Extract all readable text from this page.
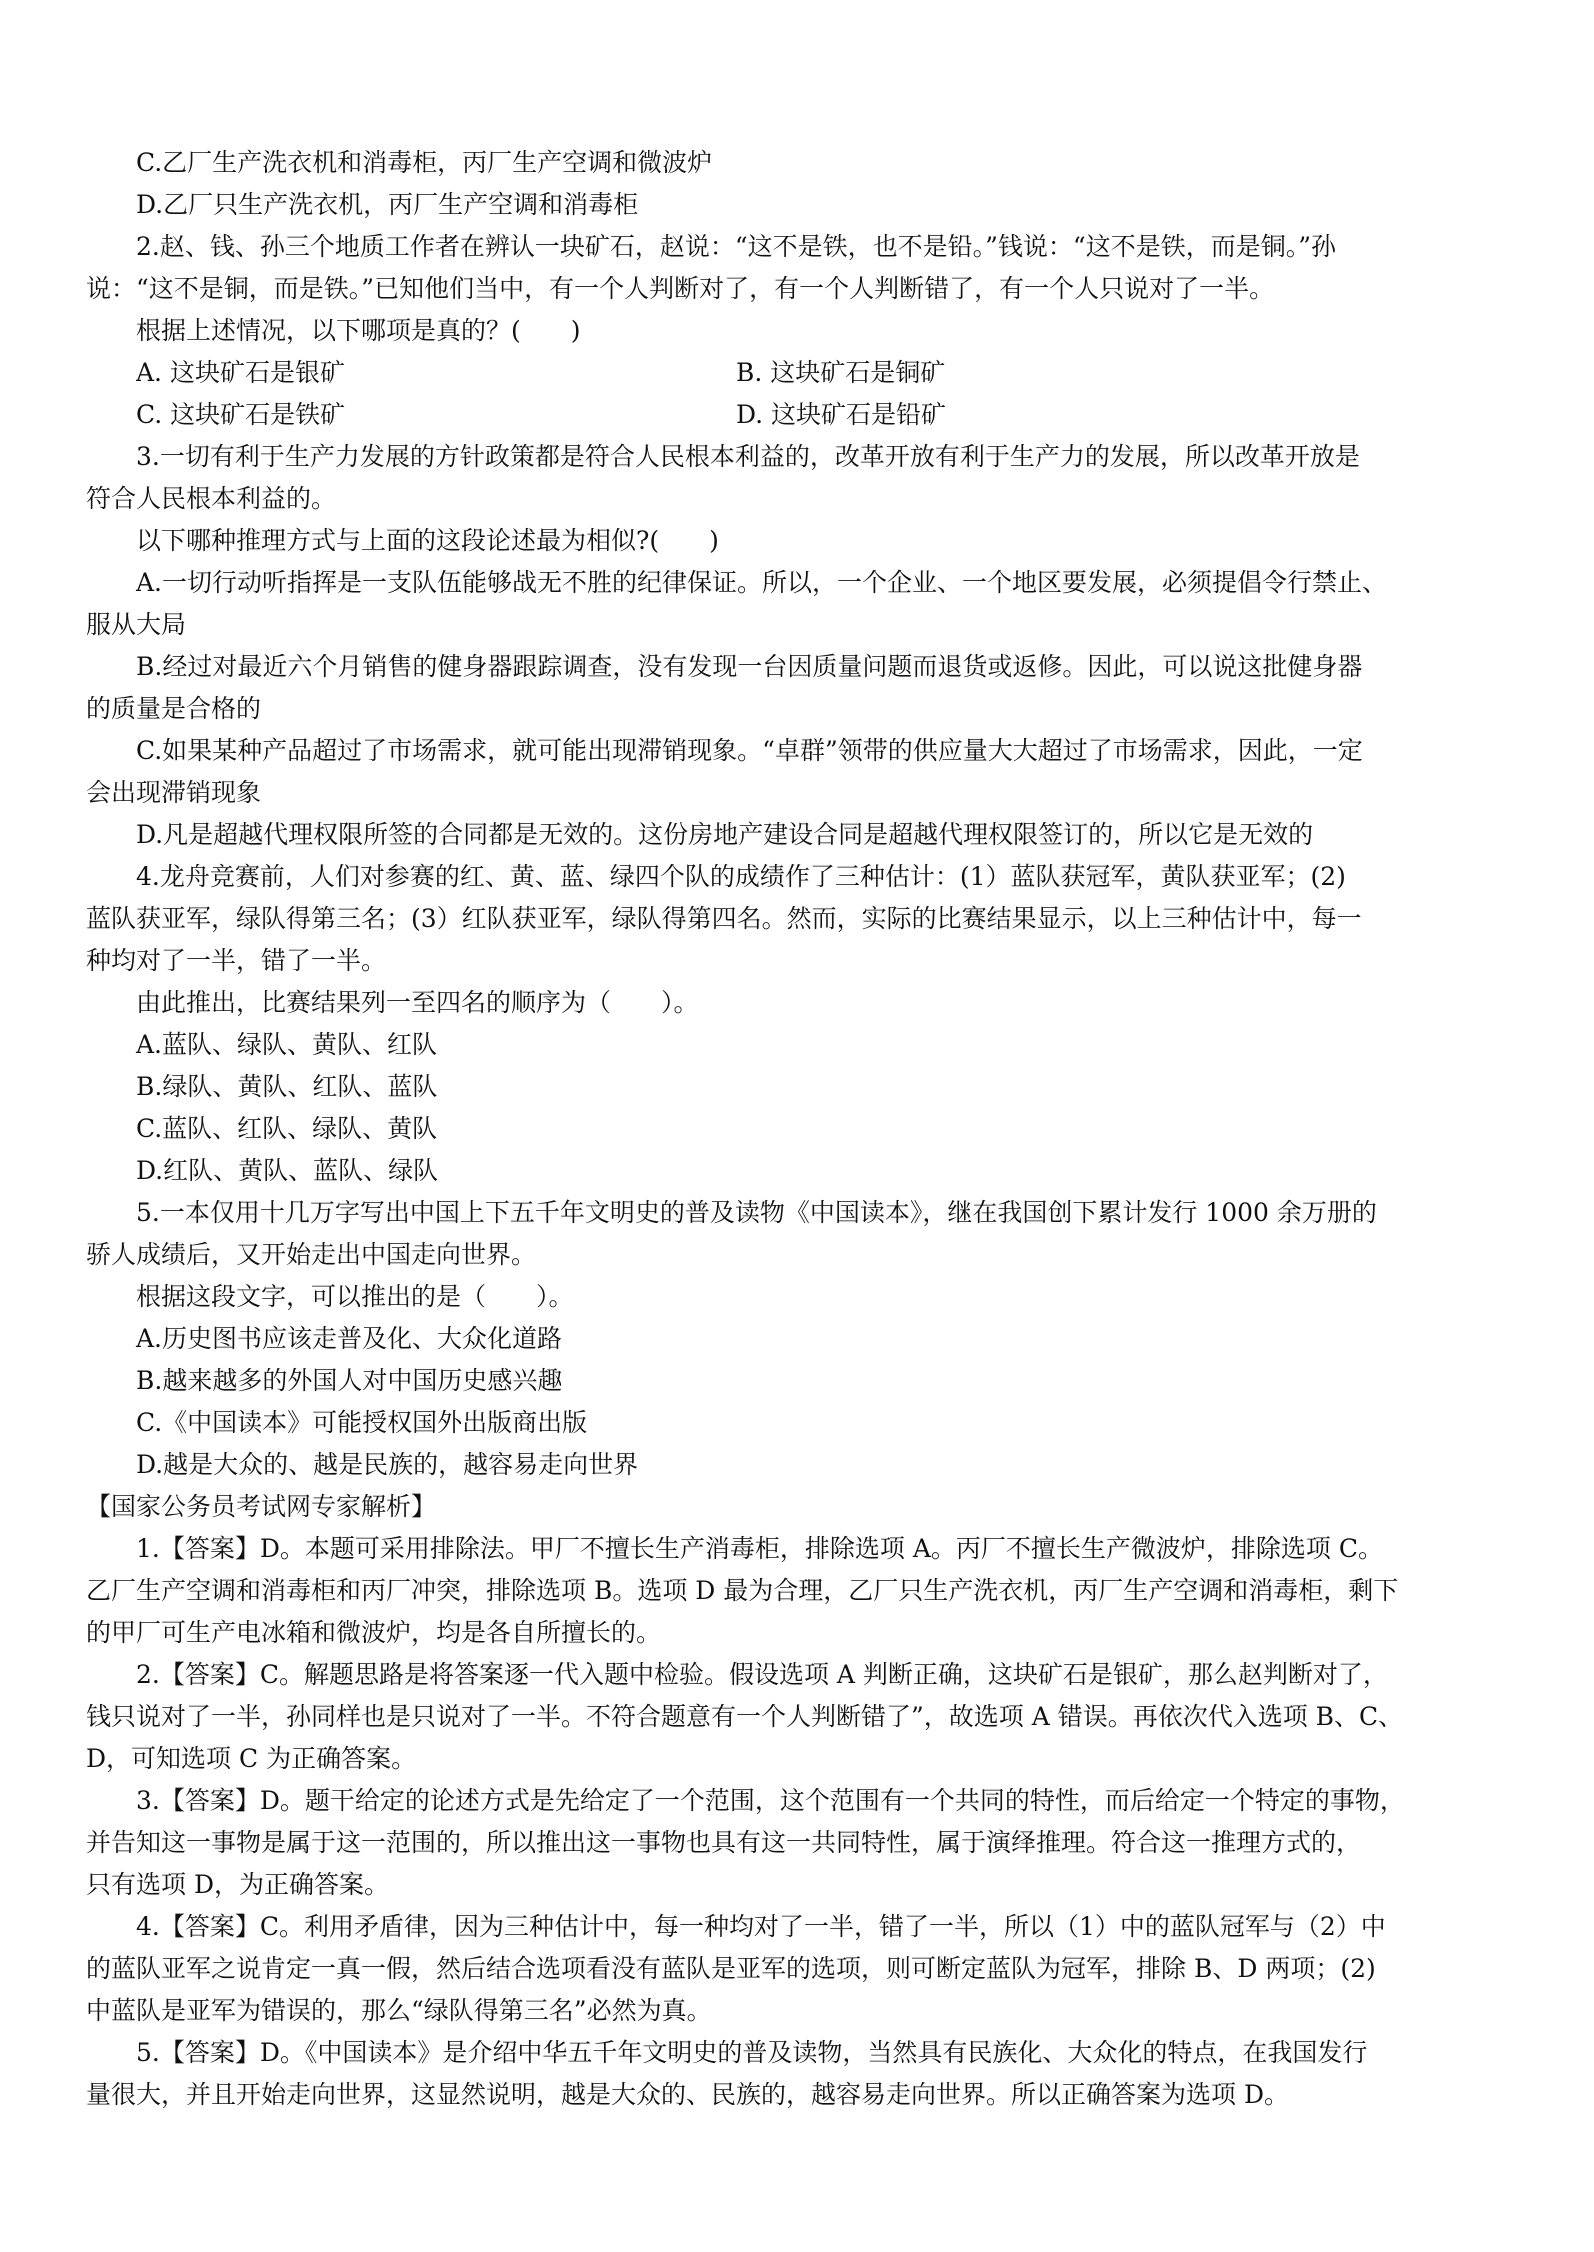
C.乙厂生产洗衣机和消毒柜，丙厂生产空调和微波炉
D.乙厂只生产洗衣机，丙厂生产空调和消毒柜
2.赵、钱、孙三个地质工作者在辨认一块矿石，赵说：“这不是铁，也不是铅。”钱说：“这不是铁，而是铜。”孙
说：“这不是铜，而是铁。”已知他们当中，有一个人判断对了，有一个人判断错了，有一个人只说对了一半。
根据上述情况，以下哪项是真的？(　　)
A. 这块矿石是银矿	B. 这块矿石是铜矿
C. 这块矿石是铁矿	D. 这块矿石是铅矿
3.一切有利于生产力发展的方针政策都是符合人民根本利益的，改革开放有利于生产力的发展，所以改革开放是
符合人民根本利益的。
以下哪种推理方式与上面的这段论述最为相似?(　　)
A.一切行动听指挥是一支队伍能够战无不胜的纪律保证。所以，一个企业、一个地区要发展，必须提倡令行禁止、
服从大局
B.经过对最近六个月销售的健身器跟踪调查，没有发现一台因质量问题而退货或返修。因此，可以说这批健身器
的质量是合格的
C.如果某种产品超过了市场需求，就可能出现滞销现象。“卓群”领带的供应量大大超过了市场需求，因此，一定
会出现滞销现象
D.凡是超越代理权限所签的合同都是无效的。这份房地产建设合同是超越代理权限签订的，所以它是无效的
4.龙舟竞赛前，人们对参赛的红、黄、蓝、绿四个队的成绩作了三种估计：(1）蓝队获冠军，黄队获亚军；(2)
蓝队获亚军，绿队得第三名；(3）红队获亚军，绿队得第四名。然而，实际的比赛结果显示，以上三种估计中，每一
种均对了一半，错了一半。
由此推出，比赛结果列一至四名的顺序为（　　）。
A.蓝队、绿队、黄队、红队
B.绿队、黄队、红队、蓝队
C.蓝队、红队、绿队、黄队
D.红队、黄队、蓝队、绿队
5.一本仅用十几万字写出中国上下五千年文明史的普及读物《中国读本》，继在我国创下累计发行 1000 余万册的
骄人成绩后，又开始走出中国走向世界。
根据这段文字，可以推出的是（　　）。
A.历史图书应该走普及化、大众化道路
B.越来越多的外国人对中国历史感兴趣
C.《中国读本》可能授权国外出版商出版
D.越是大众的、越是民族的，越容易走向世界
【国家公务员考试网专家解析】
1.【答案】D。本题可采用排除法。甲厂不擅长生产消毒柜，排除选项 A。丙厂不擅长生产微波炉，排除选项 C。
乙厂生产空调和消毒柜和丙厂冲突，排除选项 B。选项 D 最为合理，乙厂只生产洗衣机，丙厂生产空调和消毒柜，剩下
的甲厂可生产电冰箱和微波炉，均是各自所擅长的。
2.【答案】C。解题思路是将答案逐一代入题中检验。假设选项 A 判断正确，这块矿石是银矿，那么赵判断对了，
钱只说对了一半，孙同样也是只说对了一半。不符合题意有一个人判断错了”，故选项 A 错误。再依次代入选项 B、C、
D，可知选项 C 为正确答案。
3.【答案】D。题干给定的论述方式是先给定了一个范围，这个范围有一个共同的特性，而后给定一个特定的事物，
并告知这一事物是属于这一范围的，所以推出这一事物也具有这一共同特性，属于演绎推理。符合这一推理方式的，
只有选项 D，为正确答案。
4.【答案】C。利用矛盾律，因为三种估计中，每一种均对了一半，错了一半，所以（1）中的蓝队冠军与（2）中
的蓝队亚军之说肯定一真一假，然后结合选项看没有蓝队是亚军的选项，则可断定蓝队为冠军，排除 B、D 两项；(2)
中蓝队是亚军为错误的，那么“绿队得第三名”必然为真。
5.【答案】D。《中国读本》是介绍中华五千年文明史的普及读物，当然具有民族化、大众化的特点，在我国发行
量很大，并且开始走向世界，这显然说明，越是大众的、民族的，越容易走向世界。所以正确答案为选项 D。
